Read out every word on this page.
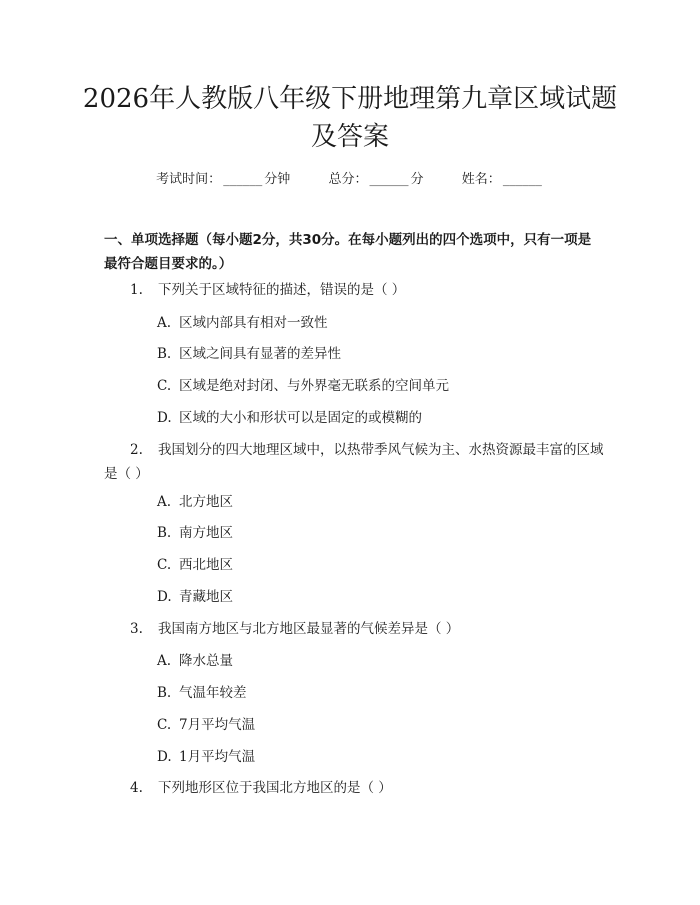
2026年人教版八年级下册地理第九章区域试题及答案
考试时间： ______ 分钟	总分： ______ 分	姓名： ______

一、单项选择题（每小题2分，共30分。在每小题列出的四个选项中，只有一项是最符合题目要求的。）

1. 下列关于区域特征的描述，错误的是（ ）
A. 区域内部具有相对一致性
B. 区域之间具有显著的差异性
C. 区域是绝对封闭、与外界毫无联系的空间单元
D. 区域的大小和形状可以是固定的或模糊的
2. 我国划分的四大地理区域中，以热带季风气候为主、水热资源最丰富的区域是（ ）
A. 北方地区
B. 南方地区
C. 西北地区
D. 青藏地区
3. 我国南方地区与北方地区最显著的气候差异是（ ）
A. 降水总量
B. 气温年较差
C. 7月平均气温
D. 1月平均气温
4. 下列地形区位于我国北方地区的是（ ）
